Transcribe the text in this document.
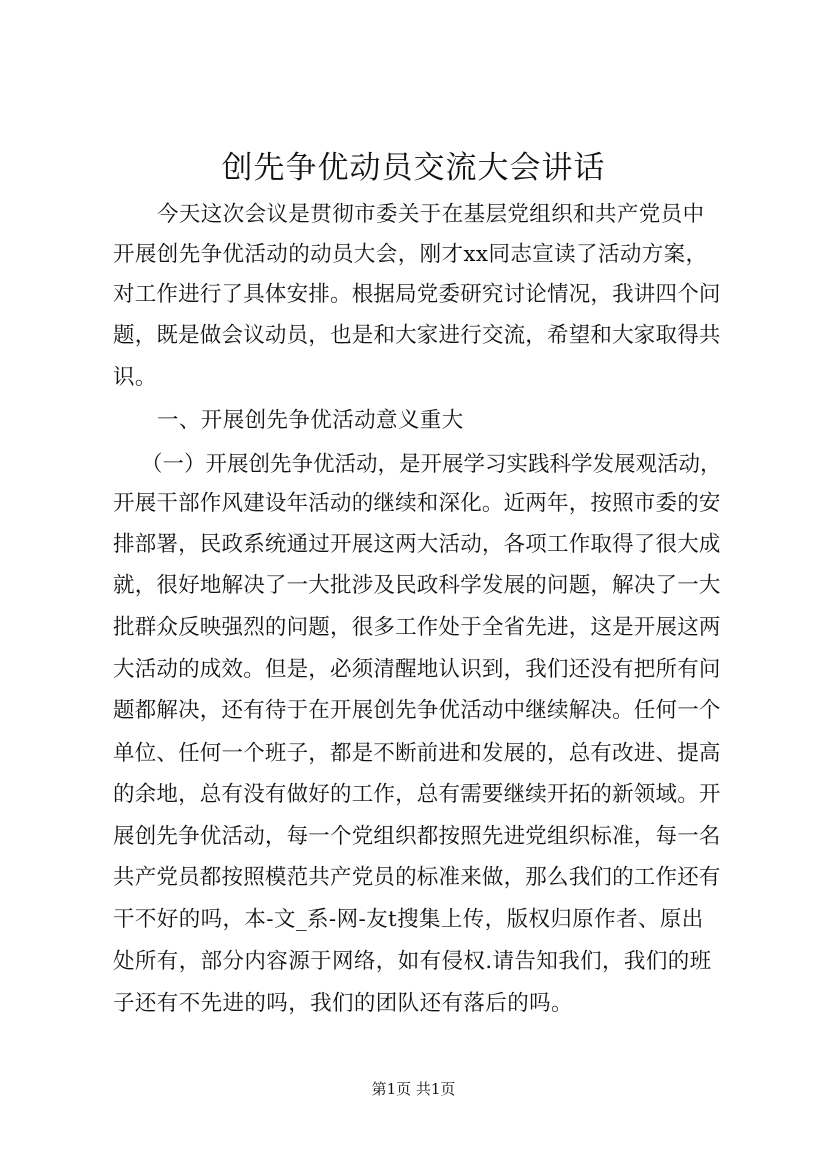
创先争优动员交流大会讲话
今天这次会议是贯彻市委关于在基层党组织和共产党员中
开展创先争优活动的动员大会，刚才xx同志宣读了活动方案，
对工作进行了具体安排。根据局党委研究讨论情况，我讲四个问
题，既是做会议动员，也是和大家进行交流，希望和大家取得共
识。
一、开展创先争优活动意义重大
（一）开展创先争优活动，是开展学习实践科学发展观活动，
开展干部作风建设年活动的继续和深化。近两年，按照市委的安
排部署，民政系统通过开展这两大活动，各项工作取得了很大成
就，很好地解决了一大批涉及民政科学发展的问题，解决了一大
批群众反映强烈的问题，很多工作处于全省先进，这是开展这两
大活动的成效。但是，必须清醒地认识到，我们还没有把所有问
题都解决，还有待于在开展创先争优活动中继续解决。任何一个
单位、任何一个班子，都是不断前进和发展的，总有改进、提高
的余地，总有没有做好的工作，总有需要继续开拓的新领域。开
展创先争优活动，每一个党组织都按照先进党组织标准，每一名
共产党员都按照模范共产党员的标准来做，那么我们的工作还有
干不好的吗，本-文_系-网-友t搜集上传，版权归原作者、原出
处所有，部分内容源于网络，如有侵权.请告知我们，我们的班
子还有不先进的吗，我们的团队还有落后的吗。
第1页 共1页
